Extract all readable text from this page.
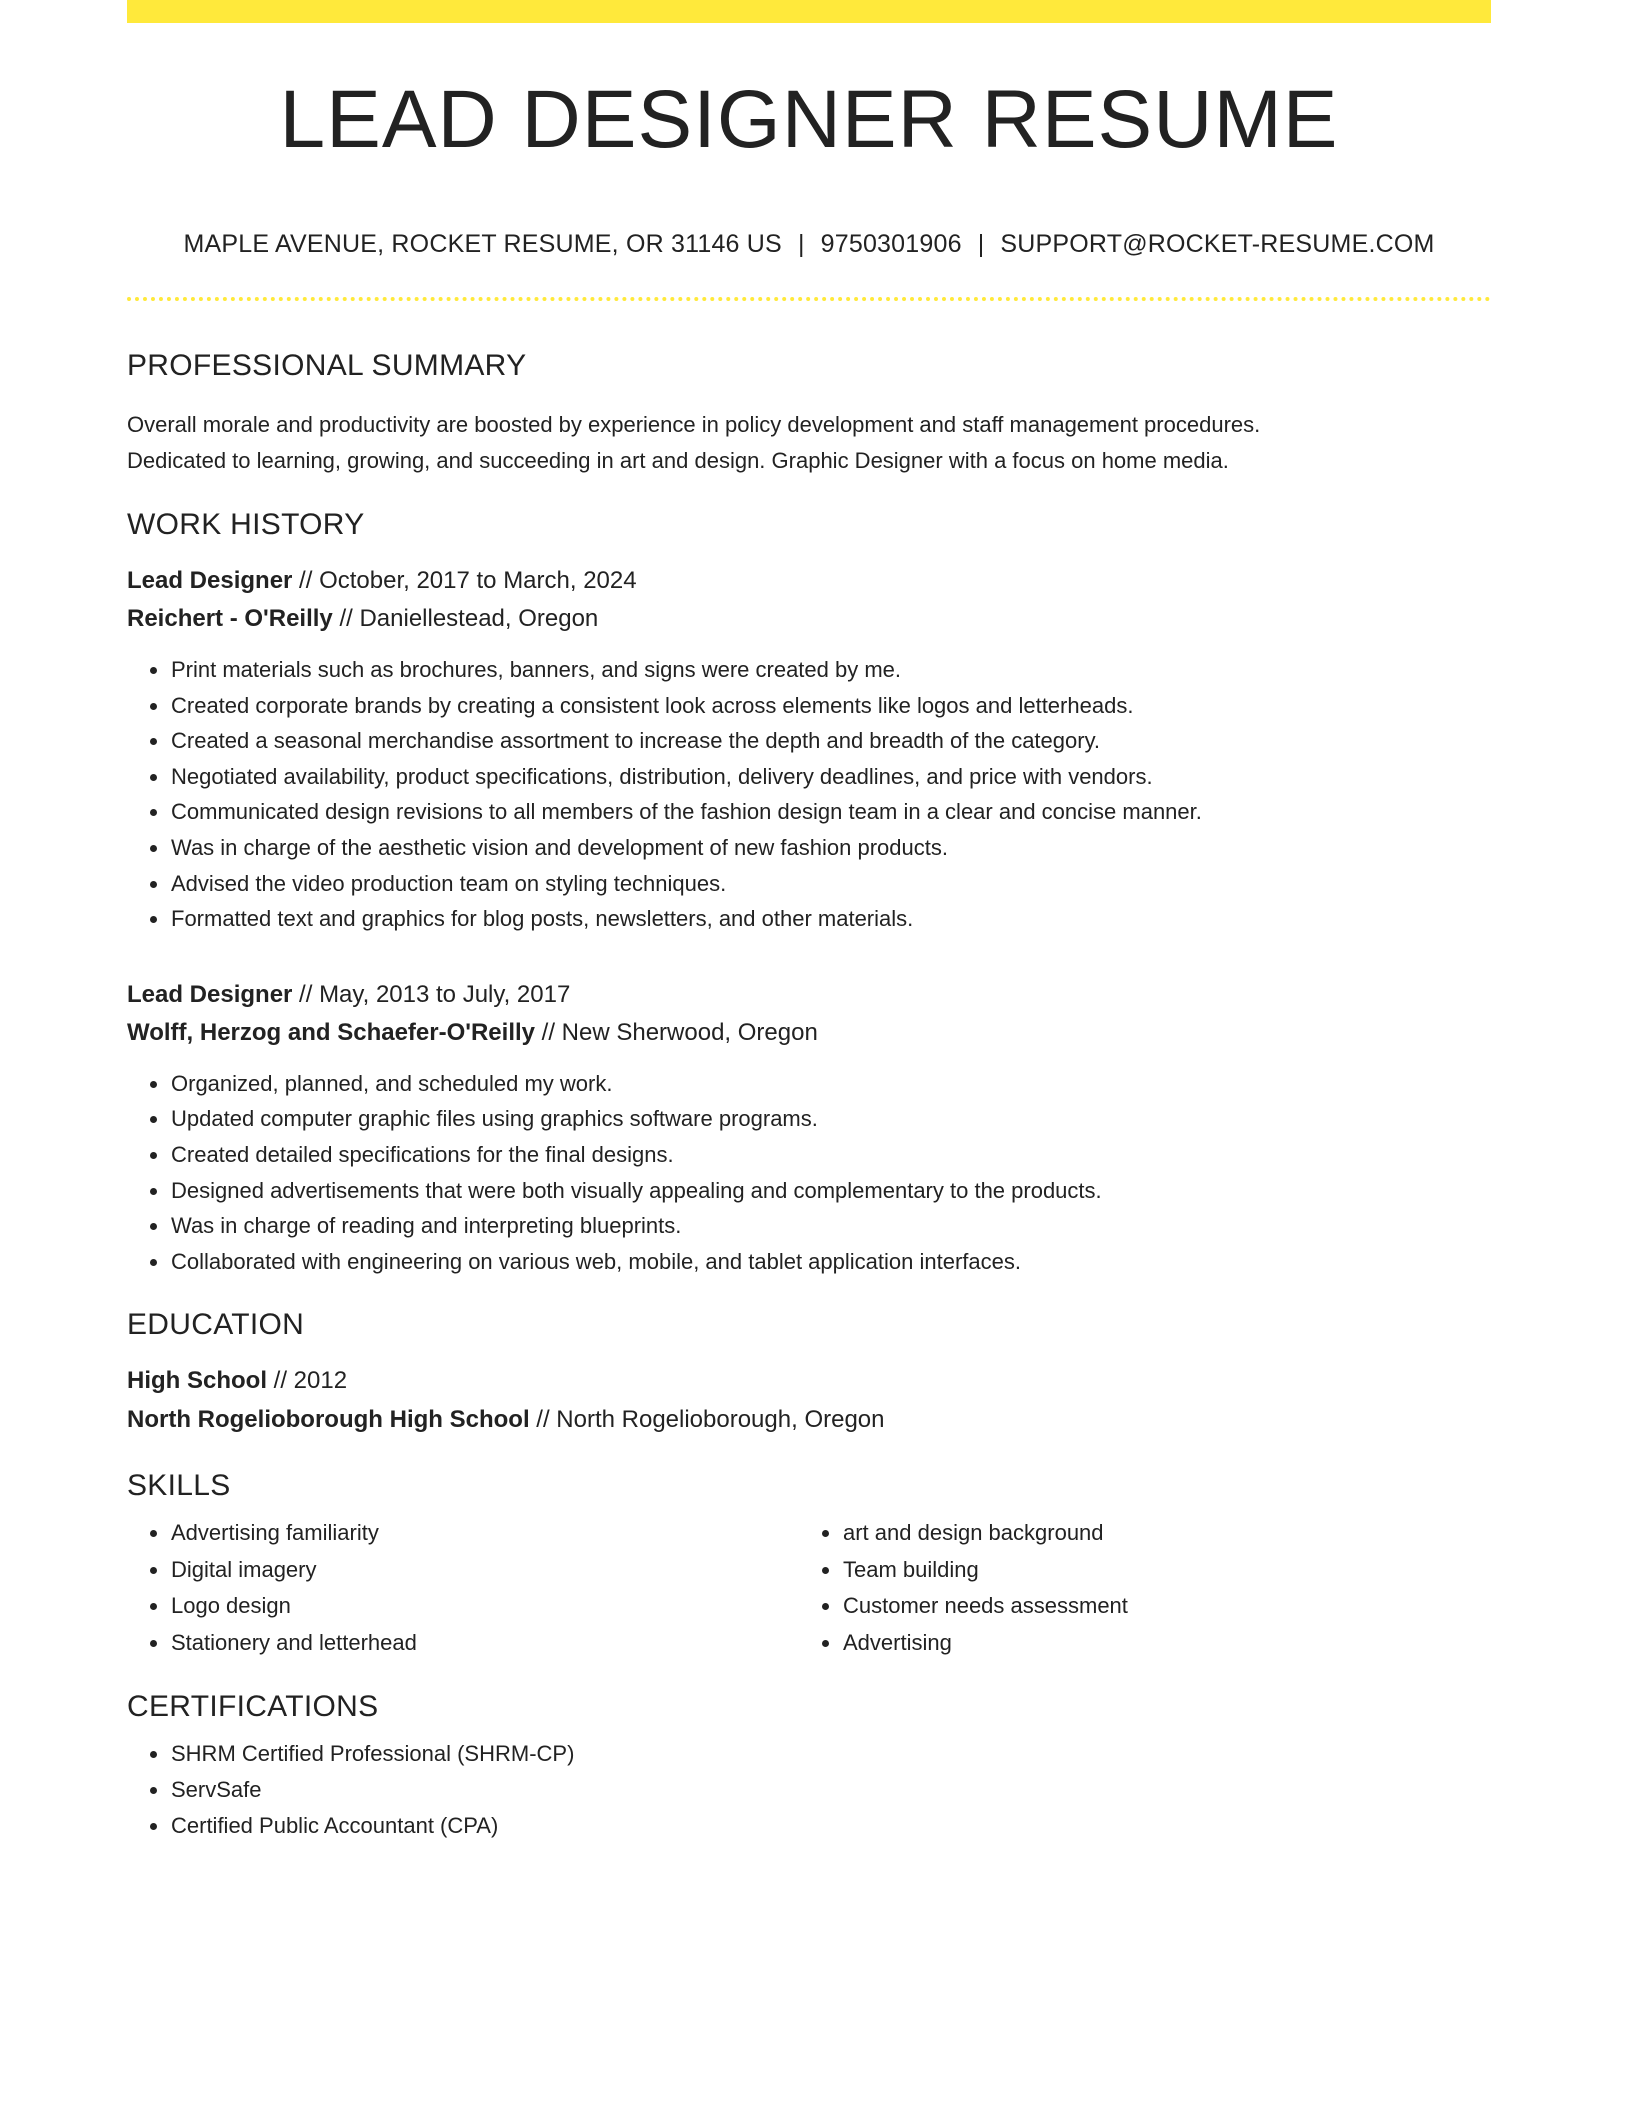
LEAD DESIGNER RESUME
MAPLE AVENUE, ROCKET RESUME, OR 31146 US | 9750301906 | SUPPORT@ROCKET-RESUME.COM
PROFESSIONAL SUMMARY
Overall morale and productivity are boosted by experience in policy development and staff management procedures.
Dedicated to learning, growing, and succeeding in art and design. Graphic Designer with a focus on home media.
WORK HISTORY
Lead Designer // October, 2017 to March, 2024
Reichert - O'Reilly // Daniellestead, Oregon
• Print materials such as brochures, banners, and signs were created by me.
• Created corporate brands by creating a consistent look across elements like logos and letterheads.
• Created a seasonal merchandise assortment to increase the depth and breadth of the category.
• Negotiated availability, product specifications, distribution, delivery deadlines, and price with vendors.
• Communicated design revisions to all members of the fashion design team in a clear and concise manner.
• Was in charge of the aesthetic vision and development of new fashion products.
• Advised the video production team on styling techniques.
• Formatted text and graphics for blog posts, newsletters, and other materials.
Lead Designer // May, 2013 to July, 2017
Wolff, Herzog and Schaefer-O'Reilly // New Sherwood, Oregon
• Organized, planned, and scheduled my work.
• Updated computer graphic files using graphics software programs.
• Created detailed specifications for the final designs.
• Designed advertisements that were both visually appealing and complementary to the products.
• Was in charge of reading and interpreting blueprints.
• Collaborated with engineering on various web, mobile, and tablet application interfaces.
EDUCATION
High School // 2012
North Rogelioborough High School // North Rogelioborough, Oregon
SKILLS
• Advertising familiarity
• Digital imagery
• Logo design
• Stationery and letterhead
• art and design background
• Team building
• Customer needs assessment
• Advertising
CERTIFICATIONS
• SHRM Certified Professional (SHRM-CP)
• ServSafe
• Certified Public Accountant (CPA)
